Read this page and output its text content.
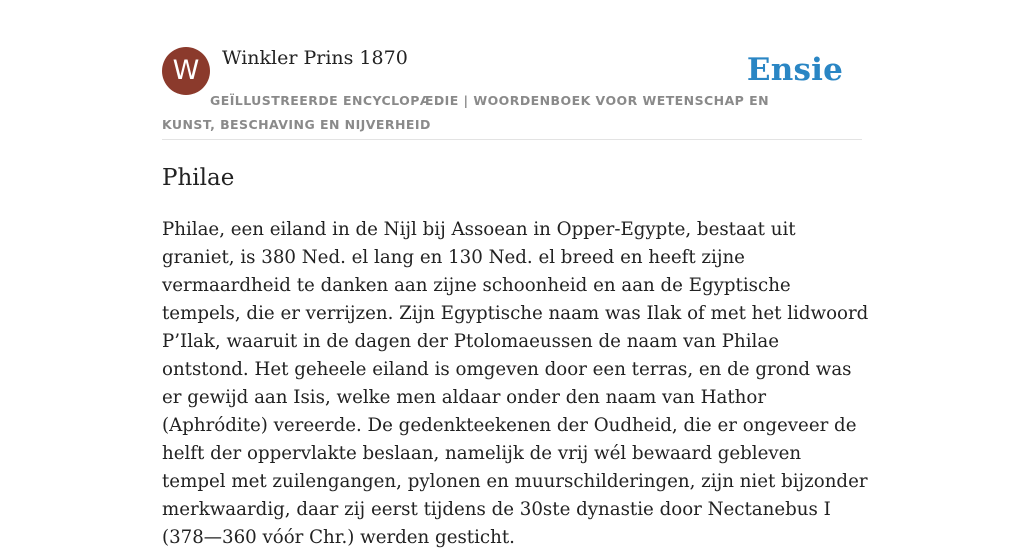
W	Winkler Prins 1870	Ensie
GEÏLLUSTREERDE ENCYCLOPÆDIE | WOORDENBOEK VOOR WETENSCHAP EN KUNST, BESCHAVING EN NIJVERHEID
Philae

Philae, een eiland in de Nijl bij Assoean in Opper-Egypte, bestaat uit graniet, is 380 Ned. el lang en 130 Ned. el breed en heeft zijne vermaardheid te danken aan zijne schoonheid en aan de Egyptische tempels, die er verrijzen. Zijn Egyptische naam was Ilak of met het lidwoord P’Ilak, waaruit in de dagen der Ptolomaeussen de naam van Philae ontstond. Het geheele eiland is omgeven door een terras, en de grond was er gewijd aan Isis, welke men aldaar onder den naam van Hathor (Aphródite) vereerde. De gedenkteekenen der Oudheid, die er ongeveer de helft der oppervlakte beslaan, namelijk de vrij wél bewaard gebleven tempel met zuilengangen, pylonen en muurschilderingen, zijn niet bijzonder merkwaardig, daar zij eerst tijdens de 30ste dynastie door Nectanebus I (378—360 vóór Chr.) werden gesticht.
